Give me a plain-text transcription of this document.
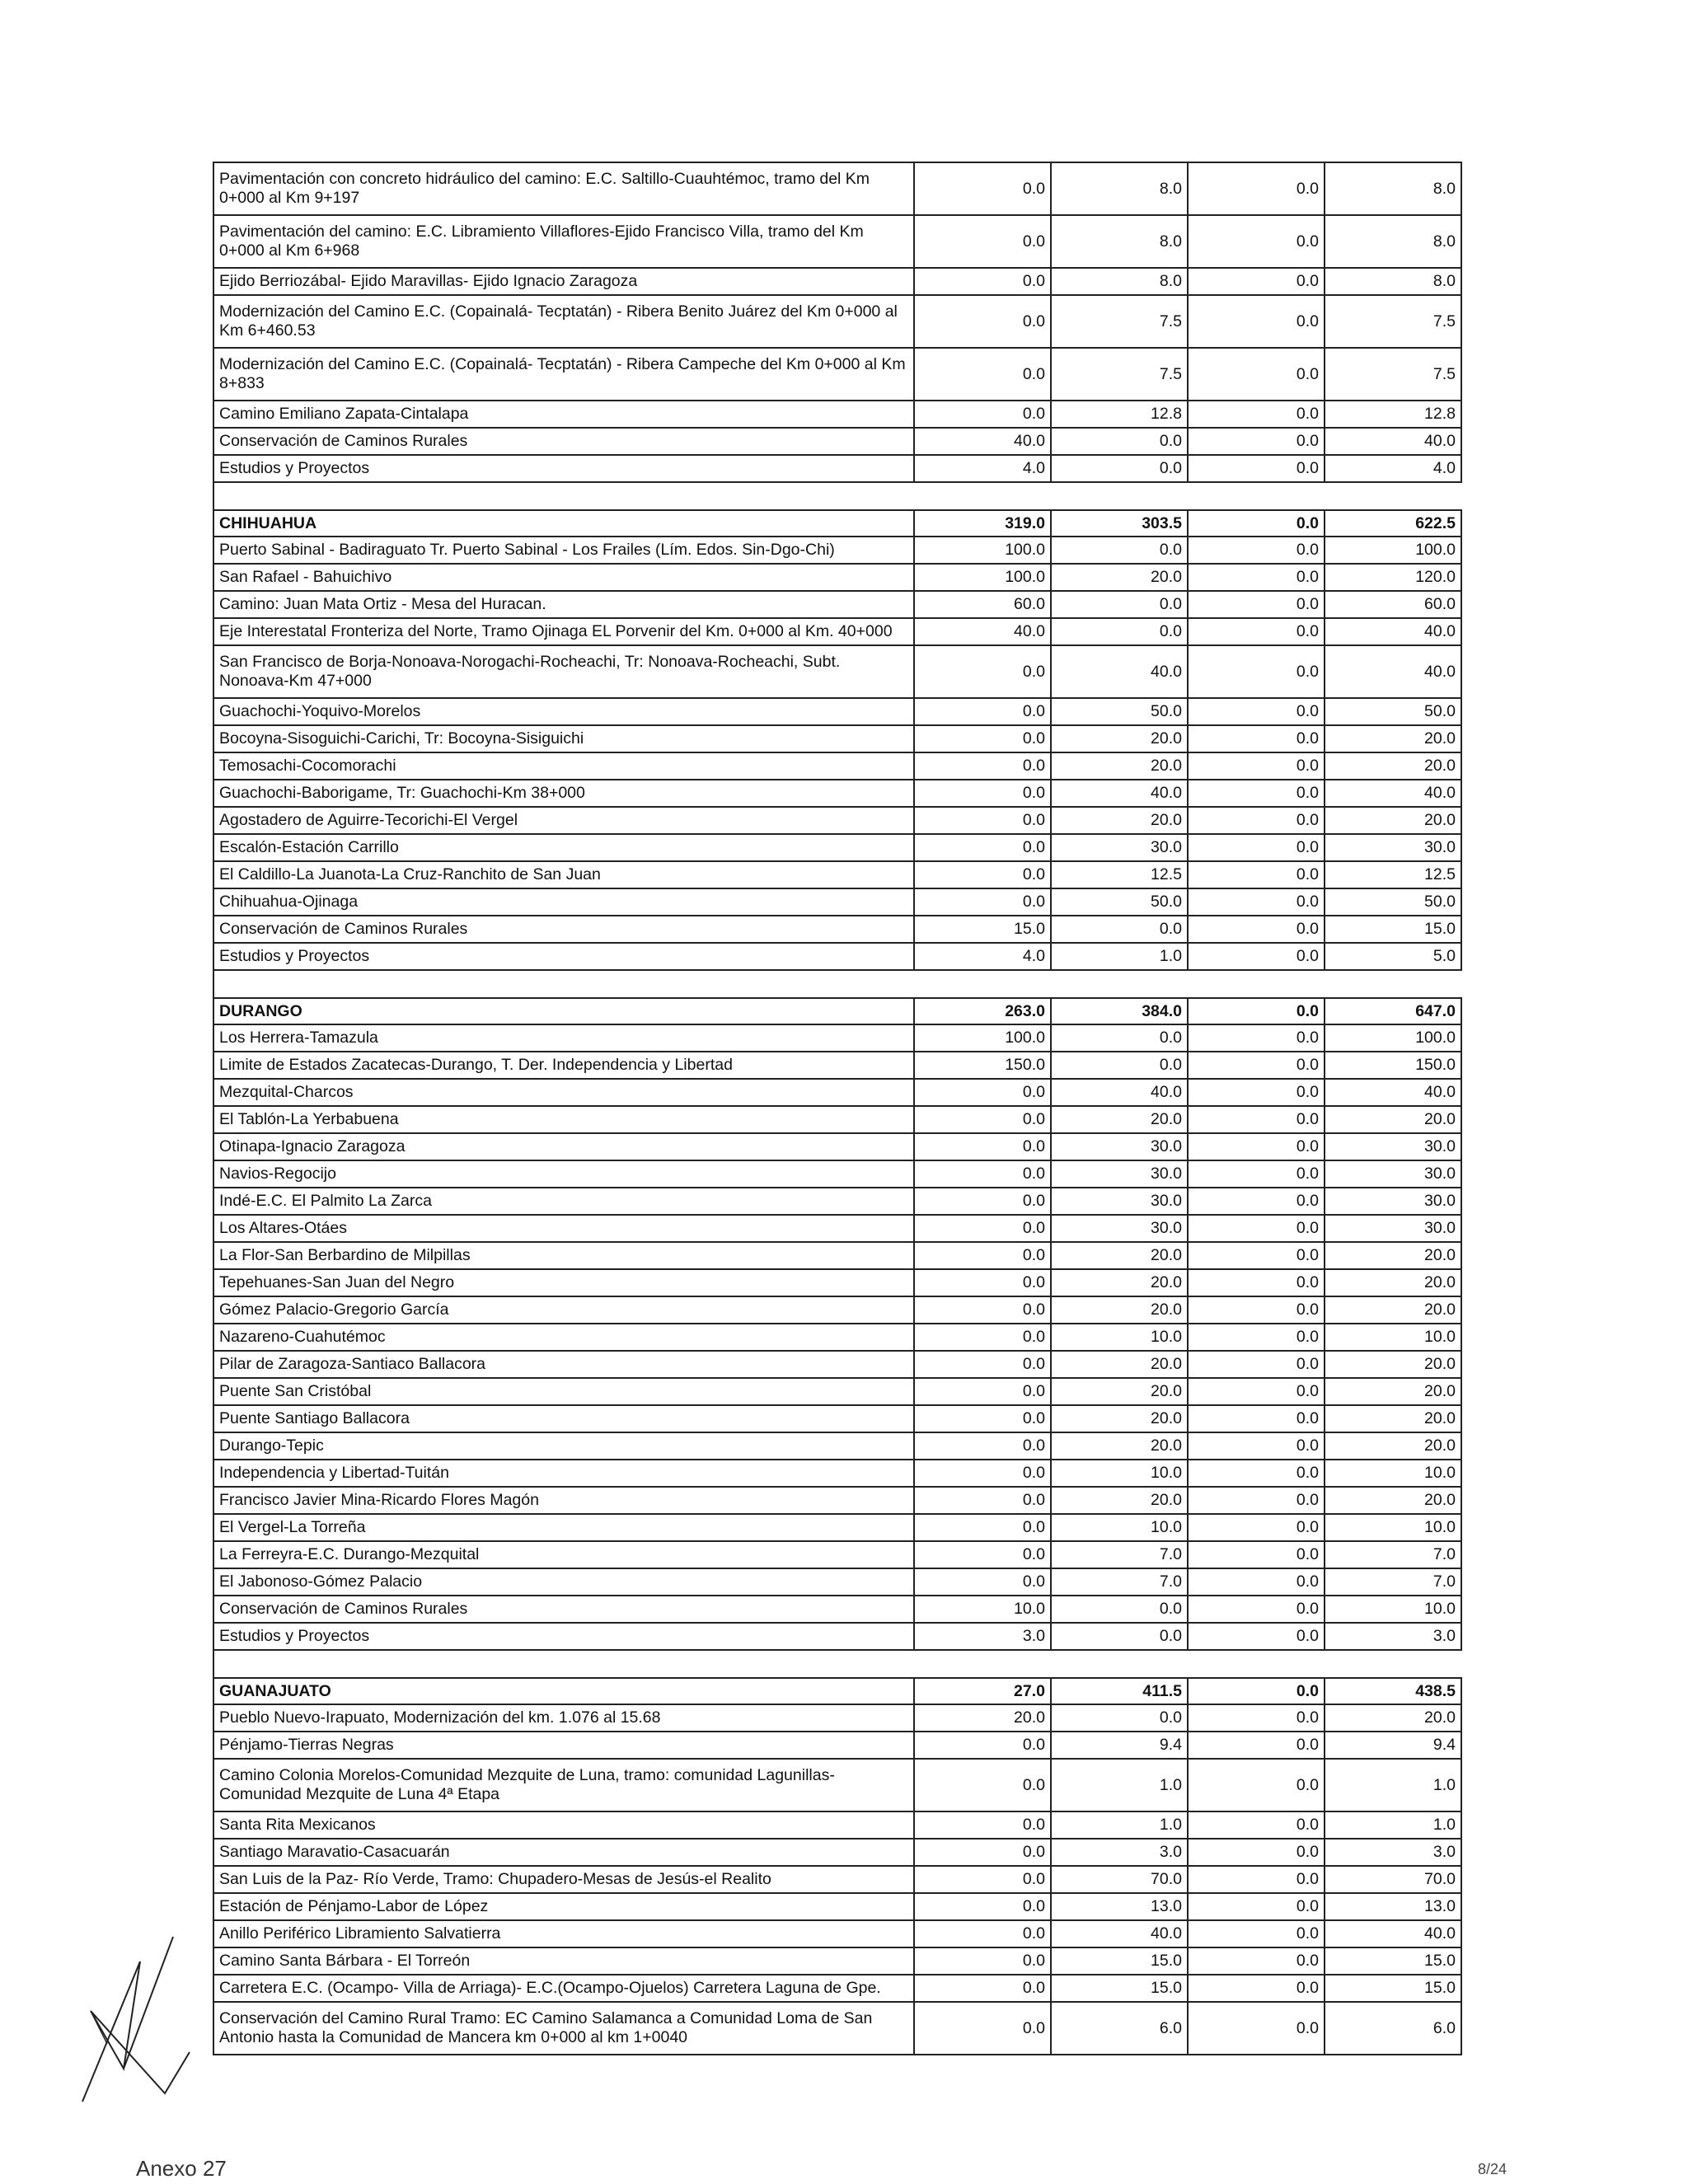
Pavimentación con concreto hidráulico del camino: E.C. Saltillo-Cuauhtémoc, tramo del Km 0+000 al Km 9+197	0.0	8.0	0.0	8.0
Pavimentación del camino: E.C. Libramiento Villaflores-Ejido Francisco Villa, tramo del Km 0+000 al Km 6+968	0.0	8.0	0.0	8.0
Ejido Berriozábal- Ejido Maravillas- Ejido Ignacio Zaragoza	0.0	8.0	0.0	8.0
Modernización del Camino E.C. (Copainalá- Tecptatán) - Ribera Benito Juárez del Km 0+000 al Km 6+460.53	0.0	7.5	0.0	7.5
Modernización del Camino E.C. (Copainalá- Tecptatán) - Ribera Campeche del Km 0+000 al Km 8+833	0.0	7.5	0.0	7.5
Camino Emiliano Zapata-Cintalapa	0.0	12.8	0.0	12.8
Conservación de Caminos Rurales	40.0	0.0	0.0	40.0
Estudios y Proyectos	4.0	0.0	0.0	4.0

CHIHUAHUA	319.0	303.5	0.0	622.5
Puerto Sabinal - Badiraguato Tr. Puerto Sabinal - Los Frailes (Lím. Edos. Sin-Dgo-Chi)	100.0	0.0	0.0	100.0
San Rafael - Bahuichivo	100.0	20.0	0.0	120.0
Camino: Juan Mata Ortiz - Mesa del Huracan.	60.0	0.0	0.0	60.0
Eje Interestatal Fronteriza del Norte, Tramo Ojinaga EL Porvenir del Km. 0+000 al Km. 40+000	40.0	0.0	0.0	40.0
San Francisco de Borja-Nonoava-Norogachi-Rocheachi, Tr: Nonoava-Rocheachi, Subt. Nonoava-Km 47+000	0.0	40.0	0.0	40.0
Guachochi-Yoquivo-Morelos	0.0	50.0	0.0	50.0
Bocoyna-Sisoguichi-Carichi, Tr: Bocoyna-Sisiguichi	0.0	20.0	0.0	20.0
Temosachi-Cocomorachi	0.0	20.0	0.0	20.0
Guachochi-Baborigame, Tr: Guachochi-Km 38+000	0.0	40.0	0.0	40.0
Agostadero de Aguirre-Tecorichi-El Vergel	0.0	20.0	0.0	20.0
Escalón-Estación Carrillo	0.0	30.0	0.0	30.0
El Caldillo-La Juanota-La Cruz-Ranchito de San Juan	0.0	12.5	0.0	12.5
Chihuahua-Ojinaga	0.0	50.0	0.0	50.0
Conservación de Caminos Rurales	15.0	0.0	0.0	15.0
Estudios y Proyectos	4.0	1.0	0.0	5.0

DURANGO	263.0	384.0	0.0	647.0
Los Herrera-Tamazula	100.0	0.0	0.0	100.0
Limite de Estados Zacatecas-Durango, T. Der. Independencia y Libertad	150.0	0.0	0.0	150.0
Mezquital-Charcos	0.0	40.0	0.0	40.0
El Tablón-La Yerbabuena	0.0	20.0	0.0	20.0
Otinapa-Ignacio Zaragoza	0.0	30.0	0.0	30.0
Navios-Regocijo	0.0	30.0	0.0	30.0
Indé-E.C. El Palmito La Zarca	0.0	30.0	0.0	30.0
Los Altares-Otáes	0.0	30.0	0.0	30.0
La Flor-San Berbardino de Milpillas	0.0	20.0	0.0	20.0
Tepehuanes-San Juan del Negro	0.0	20.0	0.0	20.0
Gómez Palacio-Gregorio García	0.0	20.0	0.0	20.0
Nazareno-Cuahutémoc	0.0	10.0	0.0	10.0
Pilar de Zaragoza-Santiaco Ballacora	0.0	20.0	0.0	20.0
Puente San Cristóbal	0.0	20.0	0.0	20.0
Puente Santiago Ballacora	0.0	20.0	0.0	20.0
Durango-Tepic	0.0	20.0	0.0	20.0
Independencia y Libertad-Tuitán	0.0	10.0	0.0	10.0
Francisco Javier Mina-Ricardo Flores Magón	0.0	20.0	0.0	20.0
El Vergel-La Torreña	0.0	10.0	0.0	10.0
La Ferreyra-E.C. Durango-Mezquital	0.0	7.0	0.0	7.0
El Jabonoso-Gómez Palacio	0.0	7.0	0.0	7.0
Conservación de Caminos Rurales	10.0	0.0	0.0	10.0
Estudios y Proyectos	3.0	0.0	0.0	3.0

GUANAJUATO	27.0	411.5	0.0	438.5
Pueblo Nuevo-Irapuato, Modernización del km. 1.076 al 15.68	20.0	0.0	0.0	20.0
Pénjamo-Tierras Negras	0.0	9.4	0.0	9.4
Camino Colonia Morelos-Comunidad Mezquite de Luna, tramo: comunidad Lagunillas-Comunidad Mezquite de Luna 4ª Etapa	0.0	1.0	0.0	1.0
Santa Rita Mexicanos	0.0	1.0	0.0	1.0
Santiago Maravatio-Casacuarán	0.0	3.0	0.0	3.0
San Luis de la Paz- Río Verde, Tramo: Chupadero-Mesas de Jesús-el Realito	0.0	70.0	0.0	70.0
Estación de Pénjamo-Labor de López	0.0	13.0	0.0	13.0
Anillo Periférico Libramiento Salvatierra	0.0	40.0	0.0	40.0
Camino Santa Bárbara - El Torreón	0.0	15.0	0.0	15.0
Carretera E.C. (Ocampo- Villa de Arriaga)- E.C.(Ocampo-Ojuelos) Carretera Laguna de Gpe.	0.0	15.0	0.0	15.0
Conservación del Camino Rural Tramo: EC Camino Salamanca a Comunidad Loma de San Antonio hasta la Comunidad de Mancera km 0+000 al km 1+0040	0.0	6.0	0.0	6.0
Anexo 27	8/24
